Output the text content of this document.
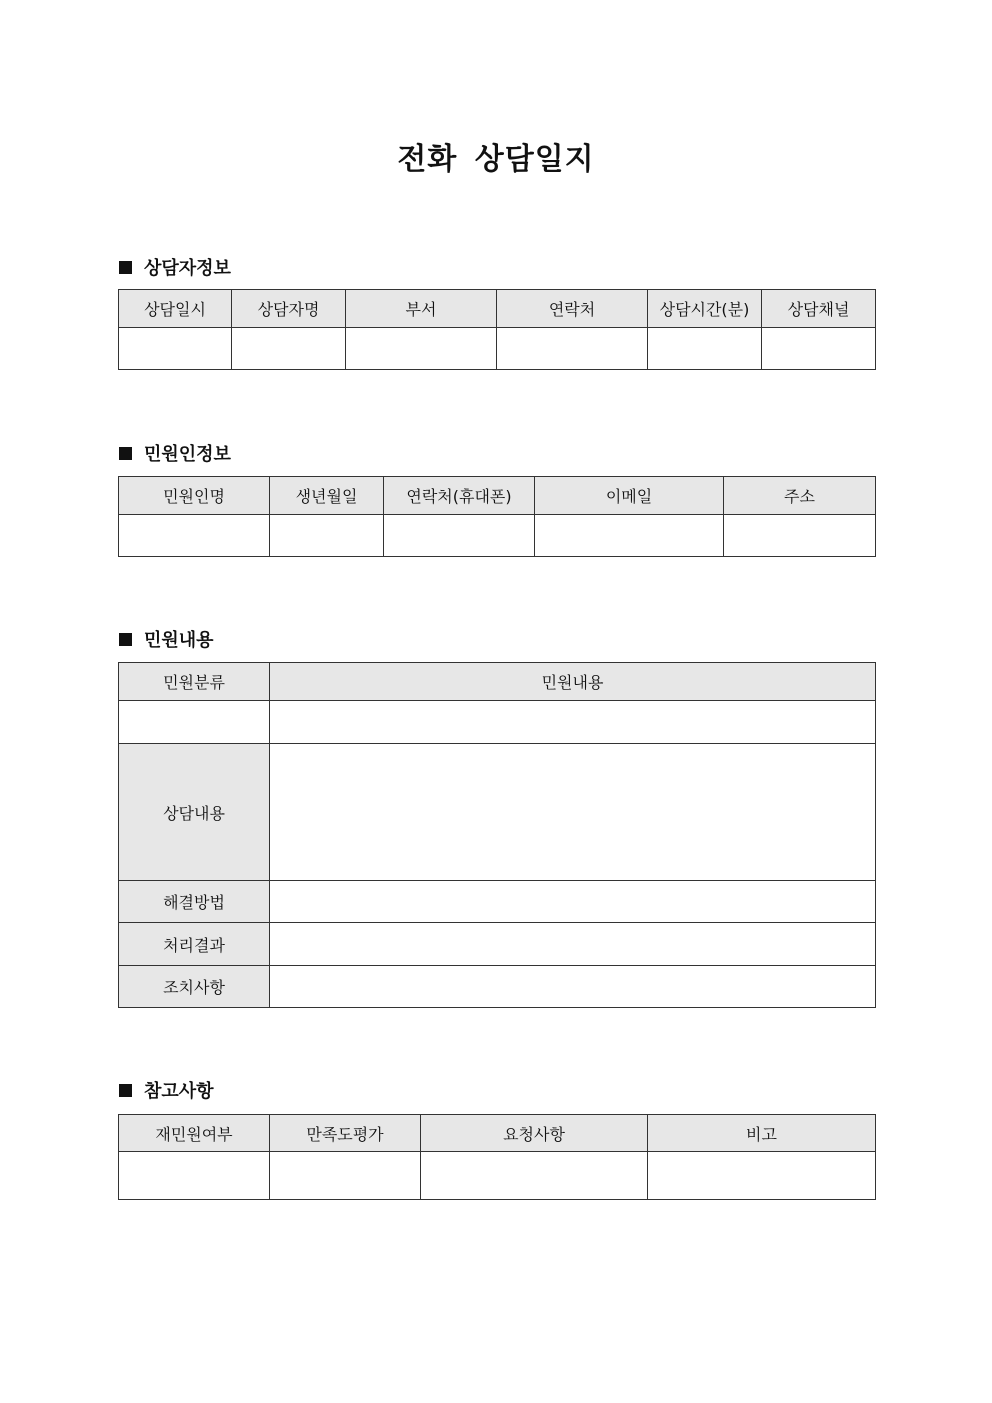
전화 상담일지
상담자정보
상담일시	상담자명	부서	연락처	상담시간(분)	상담채널

민원인정보
민원인명	생년월일	연락처(휴대폰)	이메일	주소

민원내용
민원분류	민원내용

상담내용	
해결방법	
처리결과	
조치사항	
참고사항
재민원여부	만족도평가	요청사항	비고
